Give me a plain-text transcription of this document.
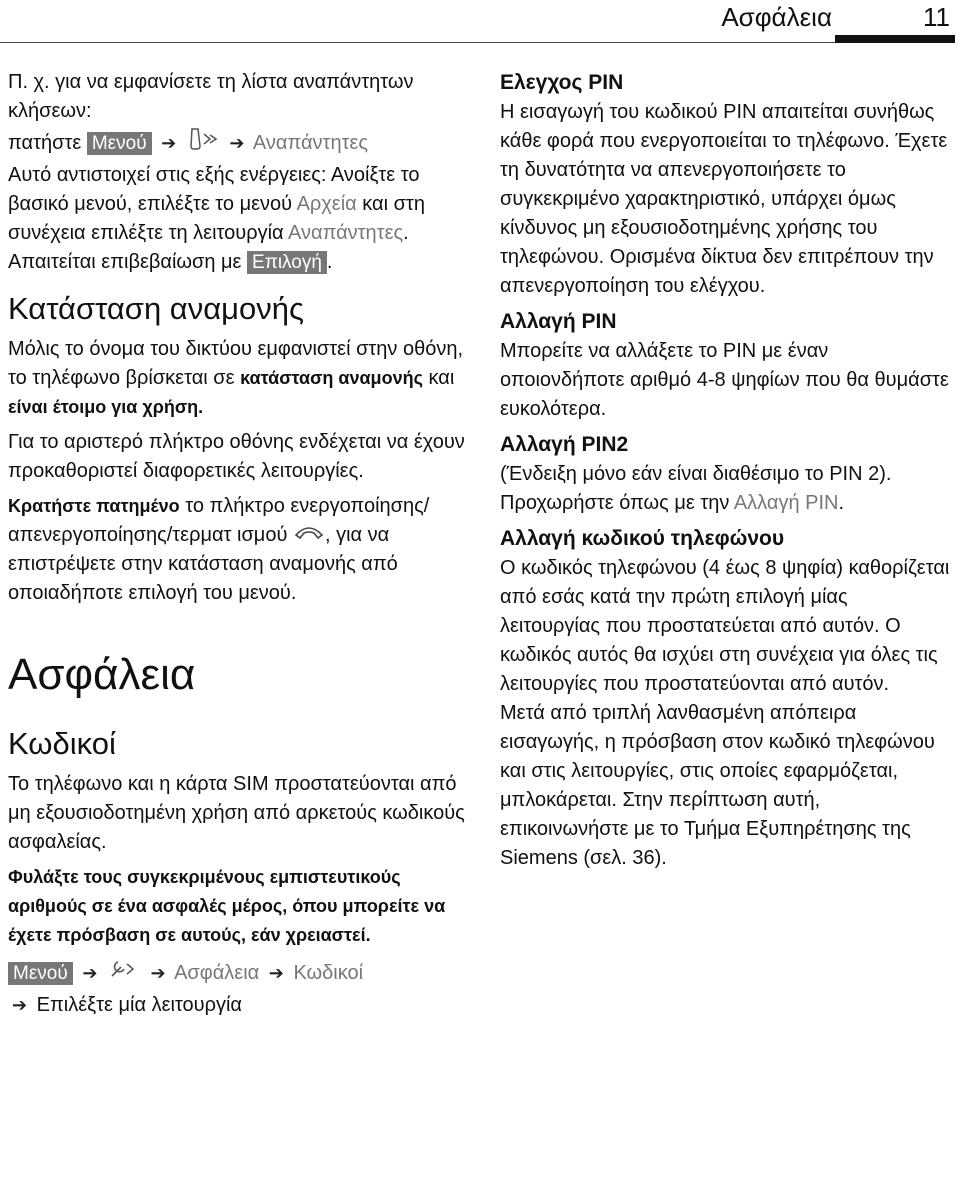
Ασφάλεια	11

Π. χ. για να εμφανίσετε τη λίστα αναπάντητων κλήσεων:

πατήστε Μενού ➔	➔ Αναπάντητες

Αυτό αντιστοιχεί στις εξής ενέργειες: Ανοίξτε το βασικό μενού, επιλέξτε το μενού Αρχεία και στη συνέχεια επιλέξτε τη λειτουργία Αναπάντητες. Απαιτείται επιβεβαίωση με Επιλογή .

Κατάσταση αναμονής

Μόλις το όνομα του δικτύου εμφανιστεί στην οθόνη, το τηλέφωνο βρίσκεται σε κατάσταση αναμονής και είναι έτοιμο για χρήση.

Για το αριστερό πλήκτρο οθόνης ενδέχεται να έχουν προκαθοριστεί διαφορετικές λειτουργίες.

Κρατήστε πατημένο το πλήκτρο ενεργοποίησης/απενεργοποίησης/τερματ ισμού , για να επιστρέψετε στην κατάσταση αναμονής από οποιαδήποτε επιλογή του μενού.

Ασφάλεια
Κωδικοί

Το τηλέφωνο και η κάρτα SIM προστατεύονται από μη εξουσιοδοτημένη χρήση από αρκετούς κωδικούς ασφαλείας.

Φυλάξτε τους συγκεκριμένους εμπιστευτικούς αριθμούς σε ένα ασφαλές μέρος, όπου μπορείτε να έχετε πρόσβαση σε αυτούς, εάν χρειαστεί.

Μενού ➔	➔ Ασφάλεια ➔ Κωδικοί

➔ Επιλέξτε μία λειτουργία

Ελεγχος PIN

Η εισαγωγή του κωδικού PIN απαιτείται συνήθως κάθε φορά που ενεργοποιείται το τηλέφωνο. Έχετε τη δυνατότητα να απενεργοποιήσετε το συγκεκριμένο χαρακτηριστικό, υπάρχει όμως κίνδυνος μη εξουσιοδοτημένης χρήσης του τηλεφώνου. Ορισμένα δίκτυα δεν επιτρέπουν την απενεργοποίηση του ελέγχου.

Αλλαγή PIN

Μπορείτε να αλλάξετε το PIN με έναν οποιονδήποτε αριθμό 4-8 ψηφίων που θα θυμάστε ευκολότερα.

Αλλαγή PIN2

(Ένδειξη μόνο εάν είναι διαθέσιμο το PIN 2). Προχωρήστε όπως με την Αλλαγή PIN.

Αλλαγή κωδικού τηλεφώνου

Ο κωδικός τηλεφώνου (4 έως 8 ψηφία) καθορίζεται από εσάς κατά την πρώτη επιλογή μίας λειτουργίας που προστατεύεται από αυτόν. Ο κωδικός αυτός θα ισχύει στη συνέχεια για όλες τις λειτουργίες που προστατεύονται από αυτόν.

Μετά από τριπλή λανθασμένη απόπειρα εισαγωγής, η πρόσβαση στον κωδικό τηλεφώνου και στις λειτουργίες, στις οποίες εφαρμόζεται, μπλοκάρεται. Στην περίπτωση αυτή, επικοινωνήστε με το Τμήμα Εξυπηρέτησης της Siemens (σελ. 36).
